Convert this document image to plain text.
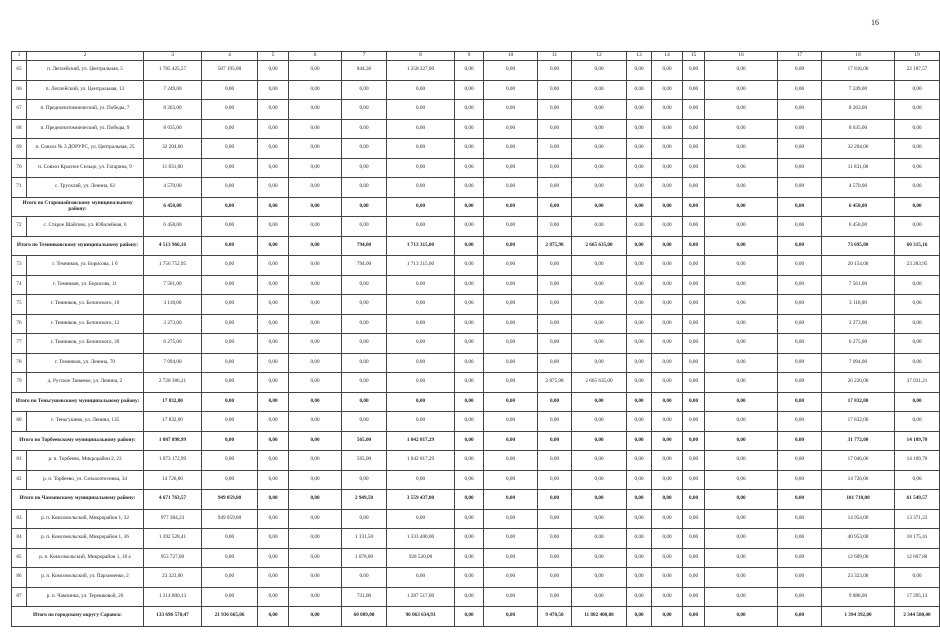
16
1	2	3	4	5	6	7	8	9	10	11	12	13	14	15	16	17	18	19
65	п. Леплейский, ул. Центральная, 5	1 785 425,57	507 195,00	0,00	0,00	844,36	1 258 227,00	0,00	0,00	0,00	0,00	0,00	0,00	0,00	0,00	0,00	17 816,00	22 187,57
66	п. Леплейский, ул. Центральная, 13	7 249,00	0,00	0,00	0,00	0,00	0,00	0,00	0,00	0,00	0,00	0,00	0,00	0,00	0,00	0,00	7 249,00	0,00
67	п. Преднопитомнический, ул. Победы, 7	8 263,00	0,00	0,00	0,00	0,00	0,00	0,00	0,00	0,00	0,00	0,00	0,00	0,00	0,00	0,00	8 263,00	0,00
68	п. Преднопитомнический, ул. Победы, 9	8 635,00	0,00	0,00	0,00	0,00	0,00	0,00	0,00	0,00	0,00	0,00	0,00	0,00	0,00	0,00	8 635,00	0,00
69	п. Совхоз № 3 ДОРУРС, ул. Центральная, 25	32 204,00	0,00	0,00	0,00	0,00	0,00	0,00	0,00	0,00	0,00	0,00	0,00	0,00	0,00	0,00	32 204,00	0,00
70	п. Совхоз Красное Сельцо, ул. Гагарина, 9	11 831,00	0,00	0,00	0,00	0,00	0,00	0,00	0,00	0,00	0,00	0,00	0,00	0,00	0,00	0,00	11 831,00	0,00
71	с. Трускляй, ул. Ленина, 62	4 570,00	0,00	0,00	0,00	0,00	0,00	0,00	0,00	0,00	0,00	0,00	0,00	0,00	0,00	0,00	4 570,00	0,00
Итого по Старошайговскому муниципальному району:		6 458,00	0,00	0,00	0,00	0,00	0,00	0,00	0,00	0,00	0,00	0,00	0,00	0,00	0,00	0,00	6 458,00	0,00
72	с. Старое Шайгово, ул. Юбилейная, 6	6 458,00	0,00	0,00	0,00	0,00	0,00	0,00	0,00	0,00	0,00	0,00	0,00	0,00	0,00	0,00	6 458,00	0,00
Итого по Темниковскому муниципальному району:		4 513 966,16	0,00	0,00	0,00	794,00	1 713 315,00	0,00	0,00	2 875,98	2 665 635,00	0,00	0,00	0,00	0,00	0,00	73 695,00	60 315,16
73	г. Темников, ул. Борисова, 1 б	1 756 752,95	0,00	0,00	0,00	794,00	1 713 315,00	0,00	0,00	0,00	0,00	0,00	0,00	0,00	0,00	0,00	20 154,00	23 283,95
74	г. Темников, ул. Борисова, 11	7 561,00	0,00	0,00	0,00	0,00	0,00	0,00	0,00	0,00	0,00	0,00	0,00	0,00	0,00	0,00	7 561,00	0,00
75	г. Темников, ул. Белинского, 10	3 118,00	0,00	0,00	0,00	0,00	0,00	0,00	0,00	0,00	0,00	0,00	0,00	0,00	0,00	0,00	3 118,00	0,00
76	г. Темников, ул. Белинского, 12	3 273,00	0,00	0,00	0,00	0,00	0,00	0,00	0,00	0,00	0,00	0,00	0,00	0,00	0,00	0,00	3 273,00	0,00
77	г. Темников, ул. Белинского, 39	6 275,00	0,00	0,00	0,00	0,00	0,00	0,00	0,00	0,00	0,00	0,00	0,00	0,00	0,00	0,00	6 275,00	0,00
78	г. Темников, ул. Ленина, 70	7 094,00	0,00	0,00	0,00	0,00	0,00	0,00	0,00	0,00	0,00	0,00	0,00	0,00	0,00	0,00	7 094,00	0,00
79	д. Русское Тювеево, ул. Ленина, 2	2 728 386,21	0,00	0,00	0,00	0,00	0,00	0,00	0,00	2 875,98	2 665 635,00	0,00	0,00	0,00	0,00	0,00	26 220,00	37 031,21
Итого по Теньгушевскому муниципальному району:		17 832,00	0,00	0,00	0,00	0,00	0,00	0,00	0,00	0,00	0,00	0,00	0,00	0,00	0,00	0,00	17 832,00	0,00
80	с. Теньгушево, ул. Ленина, 135	17 832,00	0,00	0,00	0,00	0,00	0,00	0,00	0,00	0,00	0,00	0,00	0,00	0,00	0,00	0,00	17 832,00	0,00
Итого по Торбеевскому муниципальному району:		1 087 898,99	0,00	0,00	0,00	565,00	1 042 017,29	0,00	0,00	0,00	0,00	0,00	0,00	0,00	0,00	0,00	31 772,00	14 109,70
81	р. п. Торбеево, Микрорайон 2, 23	1 073 172,99	0,00	0,00	0,00	565,00	1 042 017,29	0,00	0,00	0,00	0,00	0,00	0,00	0,00	0,00	0,00	17 046,00	14 109,70
82	р. п. Торбеево, ул. Сельхозтехника, 34	14 726,00	0,00	0,00	0,00	0,00	0,00	0,00	0,00	0,00	0,00	0,00	0,00	0,00	0,00	0,00	14 726,00	0,00
Итого по Чамзинскому муниципальному району:		4 671 763,57	949 059,80	0,00	0,00	2 949,50	3 559 437,00	0,00	0,00	0,00	0,00	0,00	0,00	0,00	0,00	0,00	101 718,00	61 549,57
83	р. п. Комсомольский, Микрорайон 1, 32	977 384,23	949 059,80	0,00	0,00	0,00	0,00	0,00	0,00	0,00	0,00	0,00	0,00	0,00	0,00	0,00	14 954,00	13 371,23
84	р. п. Комсомольский, Микрорайон 1, 36	1 392 528,41	0,00	0,00	0,00	1 131,50	1 333 400,00	0,00	0,00	0,00	0,00	0,00	0,00	0,00	0,00	0,00	40 953,00	18 175,41
85	р. п. Комсомольский, Микрорайон 1, 18 а	953 727,80	0,00	0,00	0,00	1 078,00	928 520,00	0,00	0,00	0,00	0,00	0,00	0,00	0,00	0,00	0,00	12 609,00	12 607,80
86	р. п. Комсомольский, ул. Пархоменко, 2	23 323,00	0,00	0,00	0,00	0,00	0,00	0,00	0,00	0,00	0,00	0,00	0,00	0,00	0,00	0,00	23 323,00	0,00
87	р. п. Чамзинка, ул. Терешковой, 26	1 314 800,13	0,00	0,00	0,00	731,00	1 287 517,00	0,00	0,00	0,00	0,00	0,00	0,00	0,00	0,00	0,00	9 888,00	17 395,13
Итого по городскому округу Саранск:		133 696 570,47	21 936 665,06	0,00	0,00	60 089,00	96 063 634,93	0,00	0,00	9 470,50	11 882 408,08	0,00	0,00	0,00	0,00	0,00	1 394 392,00	2 344 580,40
